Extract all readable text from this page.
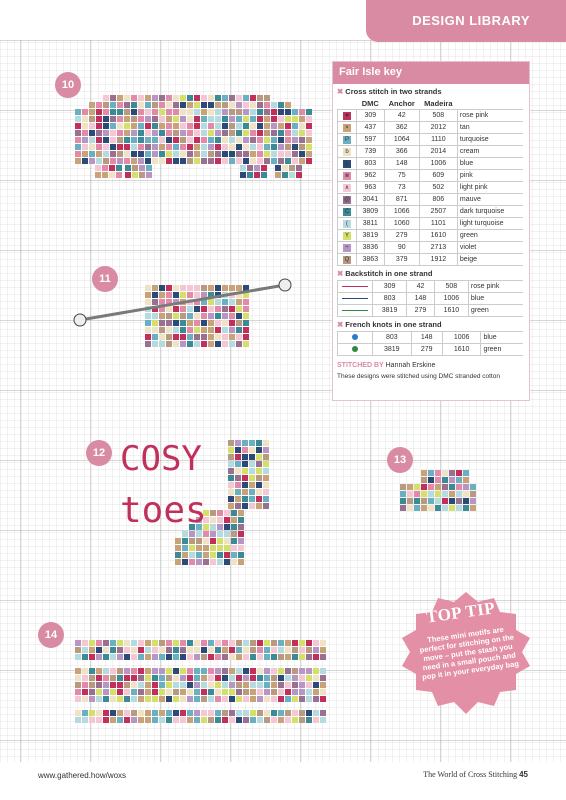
COSY
toes
DESIGN LIBRARY
10
11
12
13
14
Fair Isle key
✖ Cross stitch in two strands
	DMC	Anchor	Madeira	
♥	309	42	508	rose pink
×	437	362	2012	tan
P	597	1064	1110	turquoise
b	739	366	2014	cream
L	803	148	1006	blue
※	962	75	609	pink
∧	963	73	502	light pink
@	3041	871	806	mauve
C	3809	1066	2507	dark turquoise
(	3811	1060	1101	light turquoise
Y	3819	279	1610	green
÷	3836	90	2713	violet
Q	3863	379	1912	beige
✖ Backstitch in one strand
	309	42	508	rose pink
	803	148	1006	blue
	3819	279	1610	green
✖ French knots in one strand
	803	148	1006	blue
	3819	279	1610	green
STITCHED BY Hannah Erskine
These designs were stitched using DMC stranded cotton
TOP TIP
These mini motifs are perfect for stitching on the move – put the stash you need in a small pouch and pop it in your everyday bag
www.gathered.how/woxs	The World of Cross Stitching 45
